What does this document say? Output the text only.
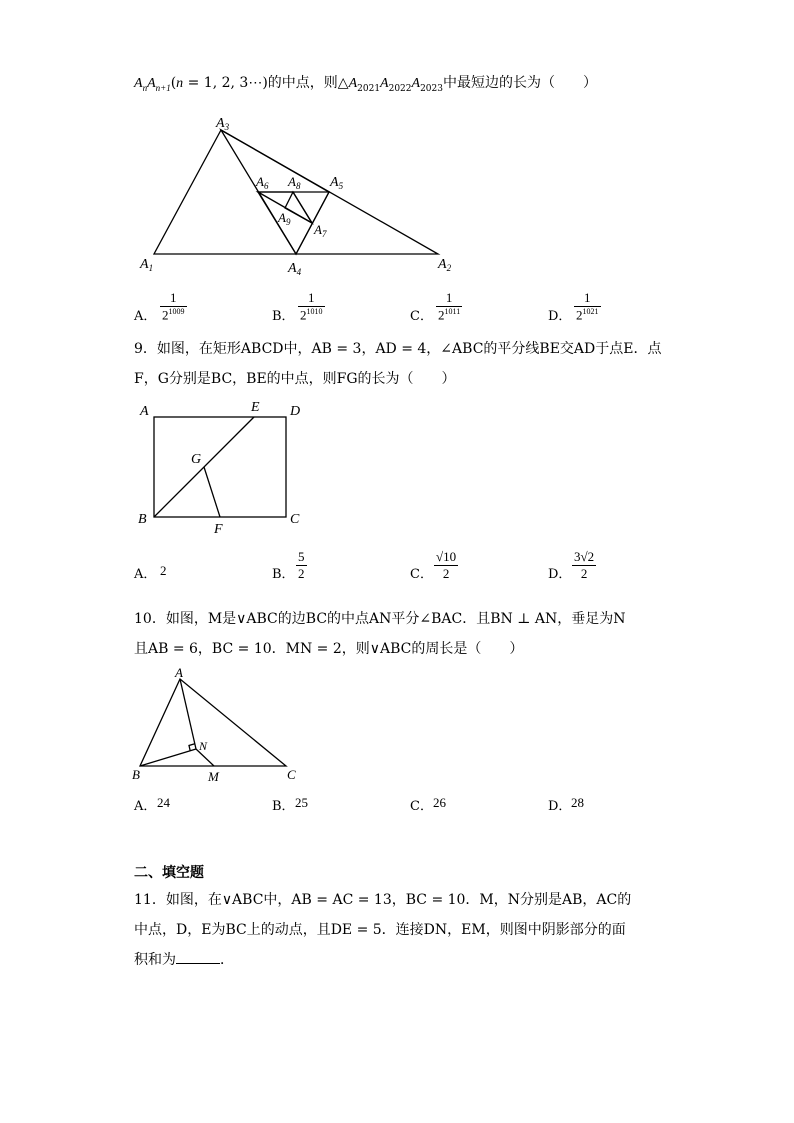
$A_nA_{n+1}(n = 1$, 2, 3⋯)的中点，则$\triangle A_{2021}A_{2022}A_{2023}$中最短边的长为（　　）
$A_3$
$A_6$ $A_8$ $A_5$
$A_9$ $A_7$
$A_1$	$A_4$	$A_2$
A． $\frac{1}{2^{1009}}$	B． $\frac{1}{2^{1010}}$	C． $\frac{1}{2^{1011}}$	D． $\frac{1}{2^{1021}}$
9．如图，在矩形ABCD中，AB = 3，AD = 4，∠ABC的平分线BE交AD于点E．点
F，G分别是BC，BE的中点，则FG的长为（　　）
A	E D
G
B
F
C
A． 2	B． $\frac{5}{2}$	C． $\frac{√10}{2}$	D． $\frac{3√2}{2}$
10．如图，M是∨ABC的边BC的中点AN平分∠BAC．且BN ⊥ AN，垂足为N
且AB = 6，BC = 10．MN = 2，则∨ABC的周长是（　　）
A
N
B	M	C
A． 24	B． 25	C． 26	D． 28
二、填空题
11．如图，在∨ABC中，AB = AC = 13，BC = 10．M，N分别是AB，AC的
中点，D，E为BC上的动点，且DE = 5．连接DN，EM，则图中阴影部分的面
积和为	．
